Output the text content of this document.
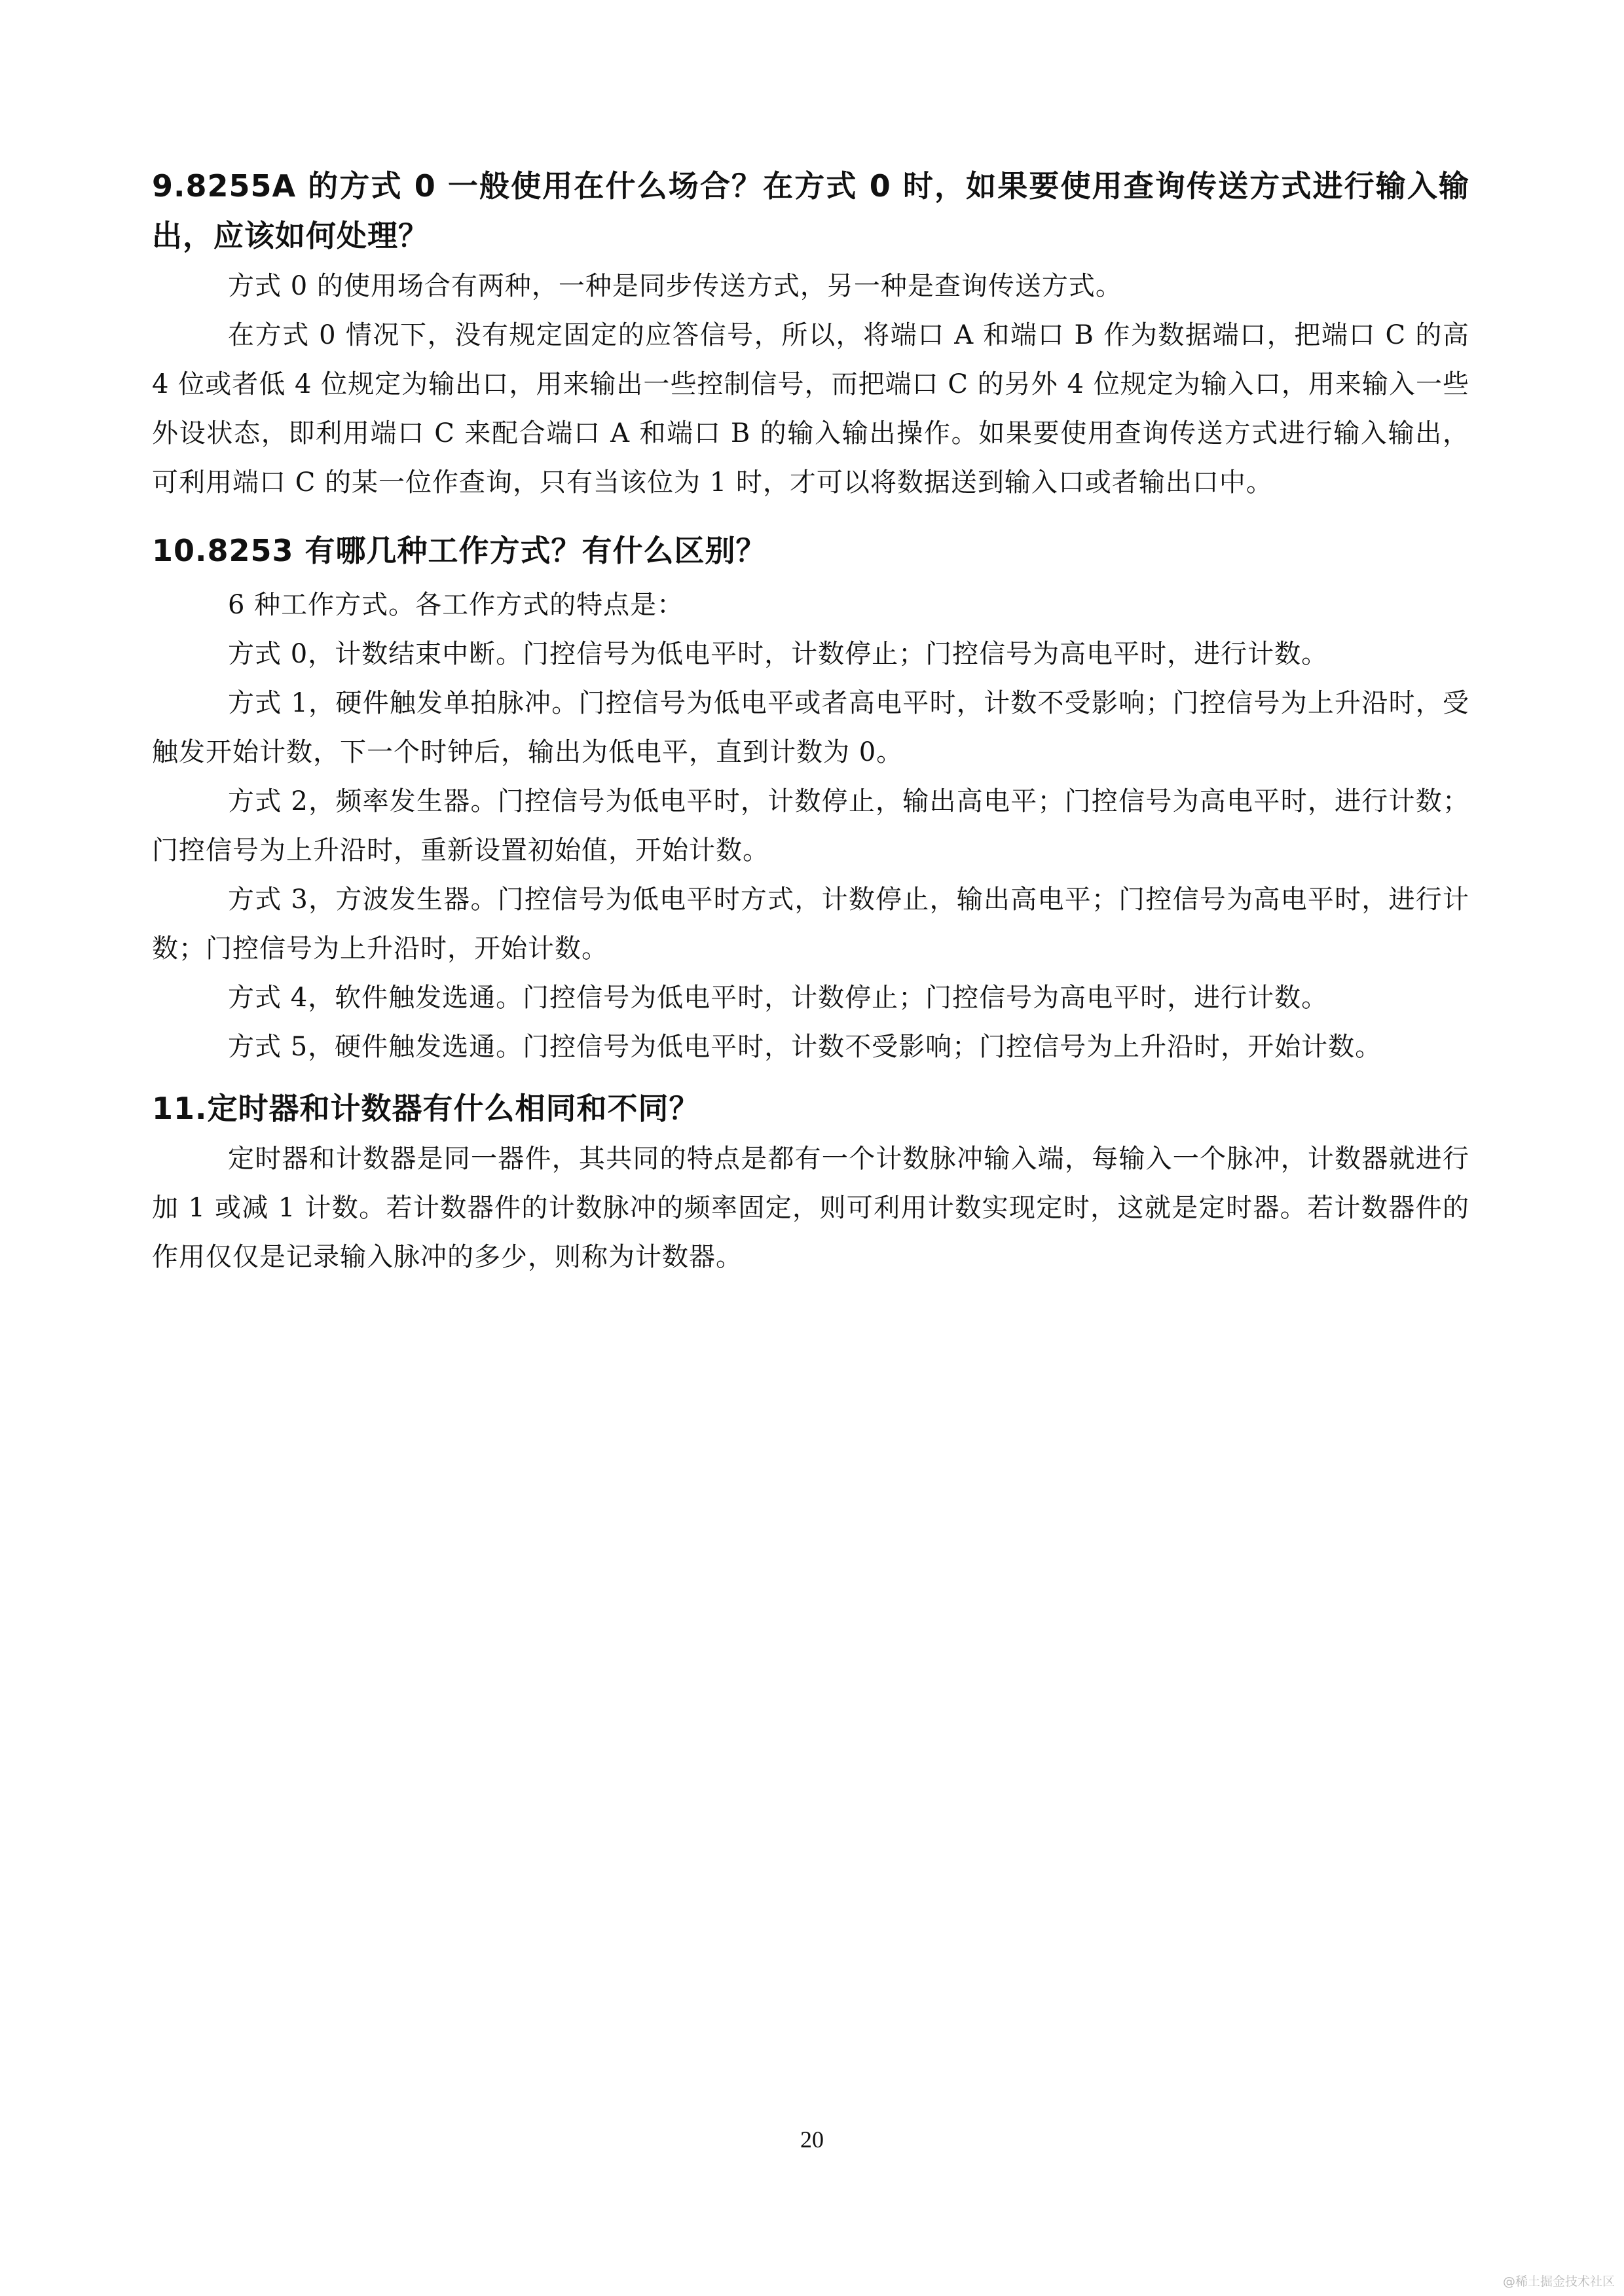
9.8255A 的方式 0 一般使用在什么场合？在方式 0 时，如果要使用查询传送方式进行输入输出，应该如何处理？

方式 0 的使用场合有两种，一种是同步传送方式，另一种是查询传送方式。

在方式 0 情况下，没有规定固定的应答信号，所以，将端口 A 和端口 B 作为数据端口，把端口 C 的高 4 位或者低 4 位规定为输出口，用来输出一些控制信号，而把端口 C 的另外 4 位规定为输入口，用来输入一些外设状态，即利用端口 C 来配合端口 A 和端口 B 的输入输出操作。如果要使用查询传送方式进行输入输出，可利用端口 C 的某一位作查询，只有当该位为 1 时，才可以将数据送到输入口或者输出口中。

10.8253 有哪几种工作方式？有什么区别？

6 种工作方式。各工作方式的特点是：

方式 0，计数结束中断。门控信号为低电平时，计数停止；门控信号为高电平时，进行计数。

方式 1，硬件触发单拍脉冲。门控信号为低电平或者高电平时，计数不受影响；门控信号为上升沿时，受触发开始计数，下一个时钟后，输出为低电平，直到计数为 0。

方式 2，频率发生器。门控信号为低电平时，计数停止，输出高电平；门控信号为高电平时，进行计数；门控信号为上升沿时，重新设置初始值，开始计数。

方式 3，方波发生器。门控信号为低电平时方式，计数停止，输出高电平；门控信号为高电平时，进行计数；门控信号为上升沿时，开始计数。

方式 4，软件触发选通。门控信号为低电平时，计数停止；门控信号为高电平时，进行计数。

方式 5，硬件触发选通。门控信号为低电平时，计数不受影响；门控信号为上升沿时，开始计数。

11.定时器和计数器有什么相同和不同？

定时器和计数器是同一器件，其共同的特点是都有一个计数脉冲输入端，每输入一个脉冲，计数器就进行加 1 或减 1 计数。若计数器件的计数脉冲的频率固定，则可利用计数实现定时，这就是定时器。若计数器件的作用仅仅是记录输入脉冲的多少，则称为计数器。

20
@稀土掘金技术社区
